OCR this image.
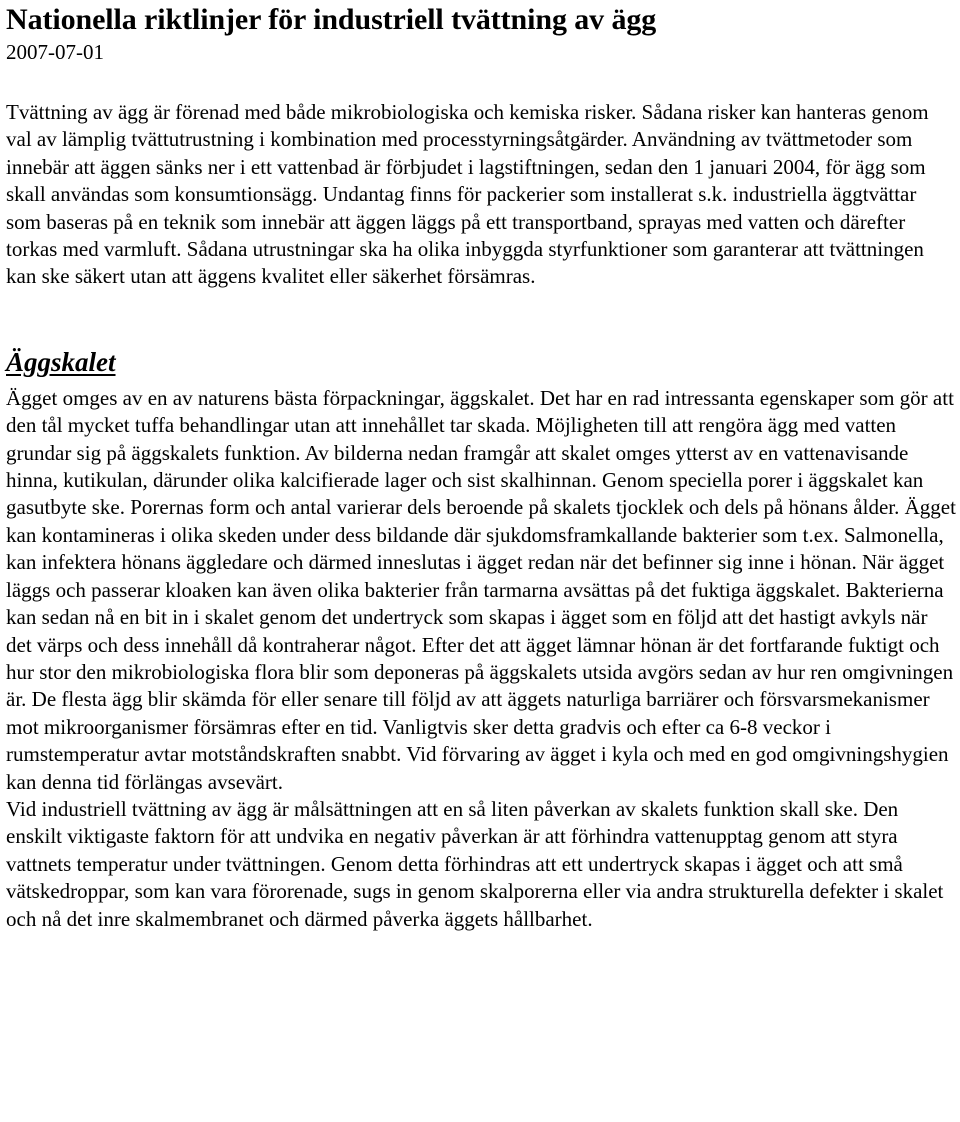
Nationella riktlinjer för industriell tvättning av ägg

2007-07-01

Tvättning av ägg är förenad med både mikrobiologiska och kemiska risker. Sådana risker kan hanteras genom val av lämplig tvättutrustning i kombination med processtyrningsåtgärder. Användning av tvättmetoder som innebär att äggen sänks ner i ett vattenbad är förbjudet i lagstiftningen, sedan den 1 januari 2004, för ägg som skall användas som konsumtionsägg. Undantag finns för packerier som installerat s.k. industriella äggtvättar som baseras på en teknik som innebär att äggen läggs på ett transportband, sprayas med vatten och därefter torkas med varmluft. Sådana utrustningar ska ha olika inbyggda styrfunktioner som garanterar att tvättningen kan ske säkert utan att äggens kvalitet eller säkerhet försämras.

Äggskalet

Ägget omges av en av naturens bästa förpackningar, äggskalet. Det har en rad intressanta egenskaper som gör att den tål mycket tuffa behandlingar utan att innehållet tar skada. Möjligheten till att rengöra ägg med vatten grundar sig på äggskalets funktion. Av bilderna nedan framgår att skalet omges ytterst av en vattenavisande hinna, kutikulan, därunder olika kalcifierade lager och sist skalhinnan. Genom speciella porer i äggskalet kan gasutbyte ske. Porernas form och antal varierar dels beroende på skalets tjocklek och dels på hönans ålder. Ägget kan kontamineras i olika skeden under dess bildande där sjukdomsframkallande bakterier som t.ex. Salmonella, kan infektera hönans äggledare och därmed inneslutas i ägget redan när det befinner sig inne i hönan. När ägget läggs och passerar kloaken kan även olika bakterier från tarmarna avsättas på det fuktiga äggskalet. Bakterierna kan sedan nå en bit in i skalet genom det undertryck som skapas i ägget som en följd att det hastigt avkyls när det värps och dess innehåll då kontraherar något. Efter det att ägget lämnar hönan är det fortfarande fuktigt och hur stor den mikrobiologiska flora blir som deponeras på äggskalets utsida avgörs sedan av hur ren omgivningen är. De flesta ägg blir skämda för eller senare till följd av att äggets naturliga barriärer och försvarsmekanismer mot mikroorganismer försämras efter en tid. Vanligtvis sker detta gradvis och efter ca 6-8 veckor i rumstemperatur avtar motståndskraften snabbt. Vid förvaring av ägget i kyla och med en god omgivningshygien kan denna tid förlängas avsevärt.

Vid industriell tvättning av ägg är målsättningen att en så liten påverkan av skalets funktion skall ske. Den enskilt viktigaste faktorn för att undvika en negativ påverkan är att förhindra vattenupptag genom att styra vattnets temperatur under tvättningen. Genom detta förhindras att ett undertryck skapas i ägget och att små vätskedroppar, som kan vara förorenade, sugs in genom skalporerna eller via andra strukturella defekter i skalet och nå det inre skalmembranet och därmed påverka äggets hållbarhet.
